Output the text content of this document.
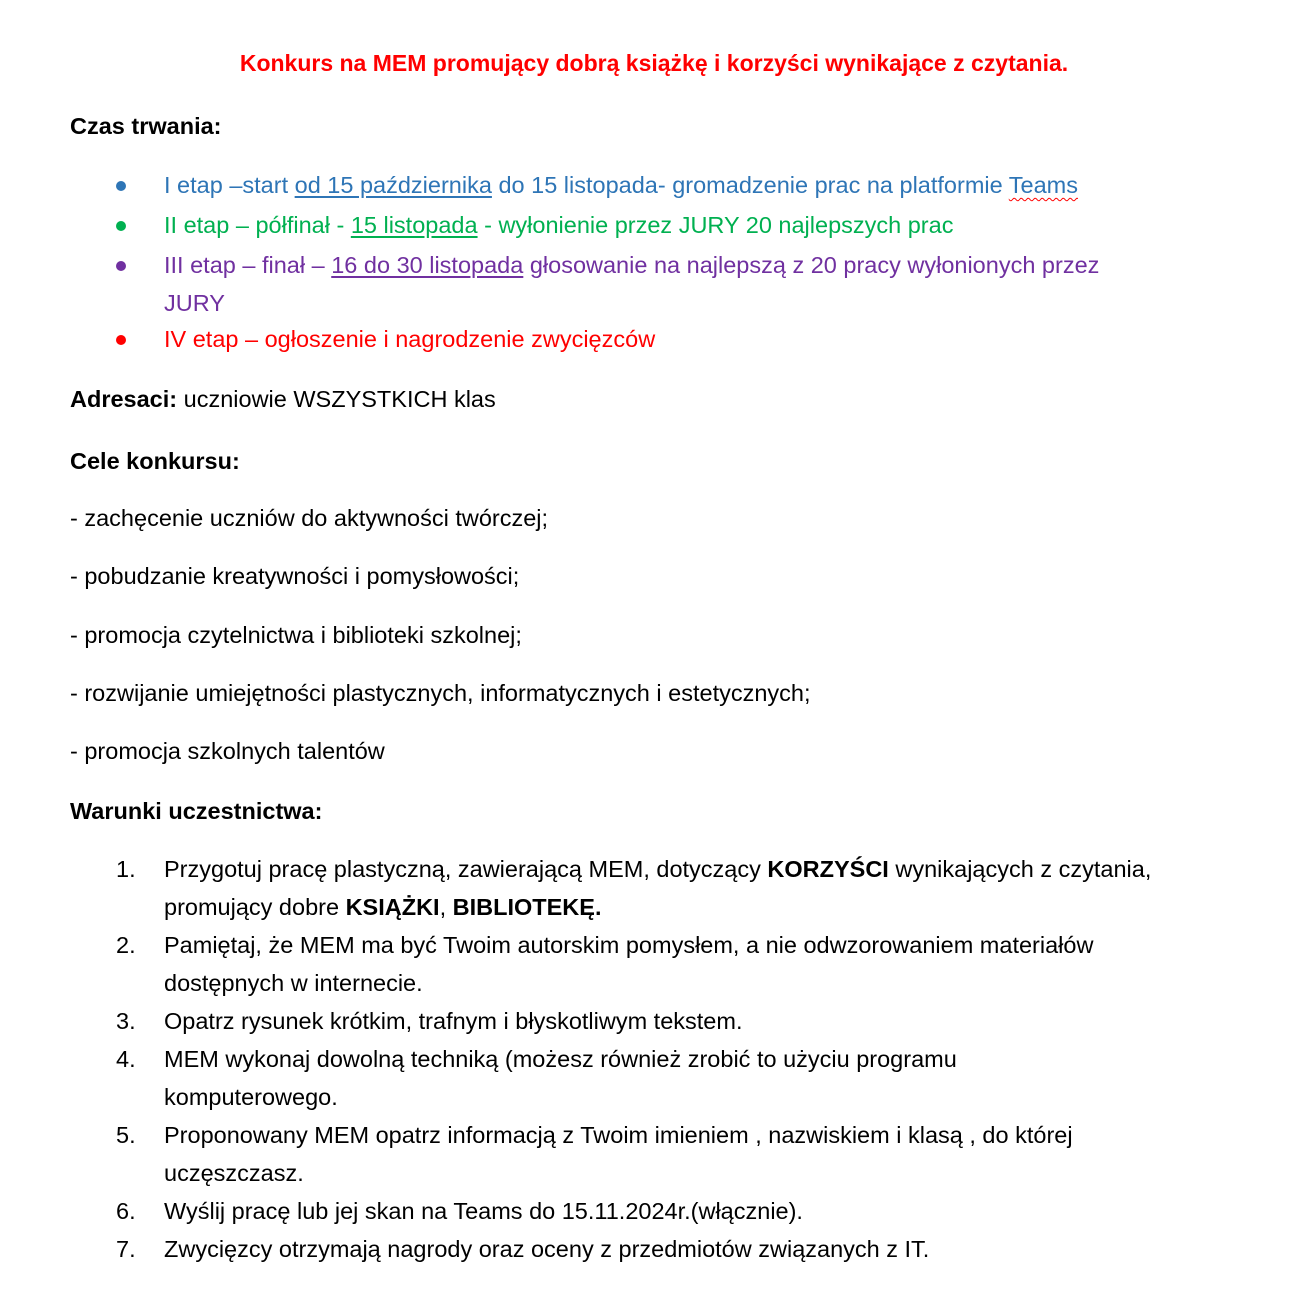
Konkurs na MEM promujący dobrą książkę i korzyści wynikające z czytania.
Czas trwania:
I etap –start od 15 października do 15 listopada- gromadzenie prac na platformie Teams
II etap – półfinał - 15 listopada - wyłonienie przez JURY 20 najlepszych prac
III etap – finał – 16 do 30 listopada głosowanie na najlepszą z 20 pracy wyłonionych przez
JURY
IV etap – ogłoszenie i nagrodzenie zwycięzców
Adresaci: uczniowie WSZYSTKICH klas
Cele konkursu:
- zachęcenie uczniów do aktywności twórczej;
- pobudzanie kreatywności i pomysłowości;
- promocja czytelnictwa i biblioteki szkolnej;
- rozwijanie umiejętności plastycznych, informatycznych i estetycznych;
- promocja szkolnych talentów
Warunki uczestnictwa:
1. Przygotuj pracę plastyczną, zawierającą MEM, dotyczący KORZYŚCI wynikających z czytania,
promujący dobre KSIĄŻKI, BIBLIOTEKĘ.
2. Pamiętaj, że MEM ma być Twoim autorskim pomysłem, a nie odwzorowaniem materiałów
dostępnych w internecie.
3. Opatrz rysunek krótkim, trafnym i błyskotliwym tekstem.
4. MEM wykonaj dowolną techniką (możesz również zrobić to użyciu programu
komputerowego.
5. Proponowany MEM opatrz informacją z Twoim imieniem , nazwiskiem i klasą , do której
uczęszczasz.
6. Wyślij pracę lub jej skan na Teams do 15.11.2024r.(włącznie).
7. Zwycięzcy otrzymają nagrody oraz oceny z przedmiotów związanych z IT.
